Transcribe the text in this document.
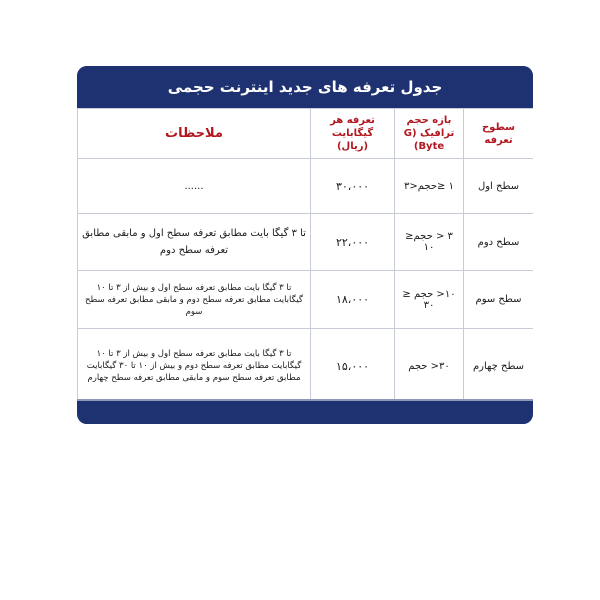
جدول تعرفه های جدید اینترنت حجمی
سطوح تعرفه	بازه حجم ترافیک (G Byte)	تعرفه هر گیگابایت (ریال)	ملاحظات
سطح اول	۱ ≤حجم<۳	۳۰،۰۰۰	......
سطح دوم	۳ < حجم≤ ۱۰	۲۲،۰۰۰	تا ۳ گیگا بایت مطابق تعرفه سطح اول و مابقی مطابق تعرفه سطح دوم
سطح سوم	۱۰< حجم ≤ ۳۰	۱۸،۰۰۰	تا ۳ گیگا بایت مطابق تعرفه سطح اول و بیش از ۳ تا ۱۰ گیگابایت مطابق تعرفه سطح دوم و مابقی مطابق تعرفه سطح سوم
سطح چهارم	۳۰< حجم	۱۵،۰۰۰	تا ۳ گیگا بایت مطابق تعرفه سطح اول و بیش از ۳ تا ۱۰ گیگابایت مطابق تعرفه سطح دوم و بیش از ۱۰ تا ۳۰ گیگابایت مطابق تعرفه سطح سوم و مابقی مطابق تعرفه سطح چهارم
